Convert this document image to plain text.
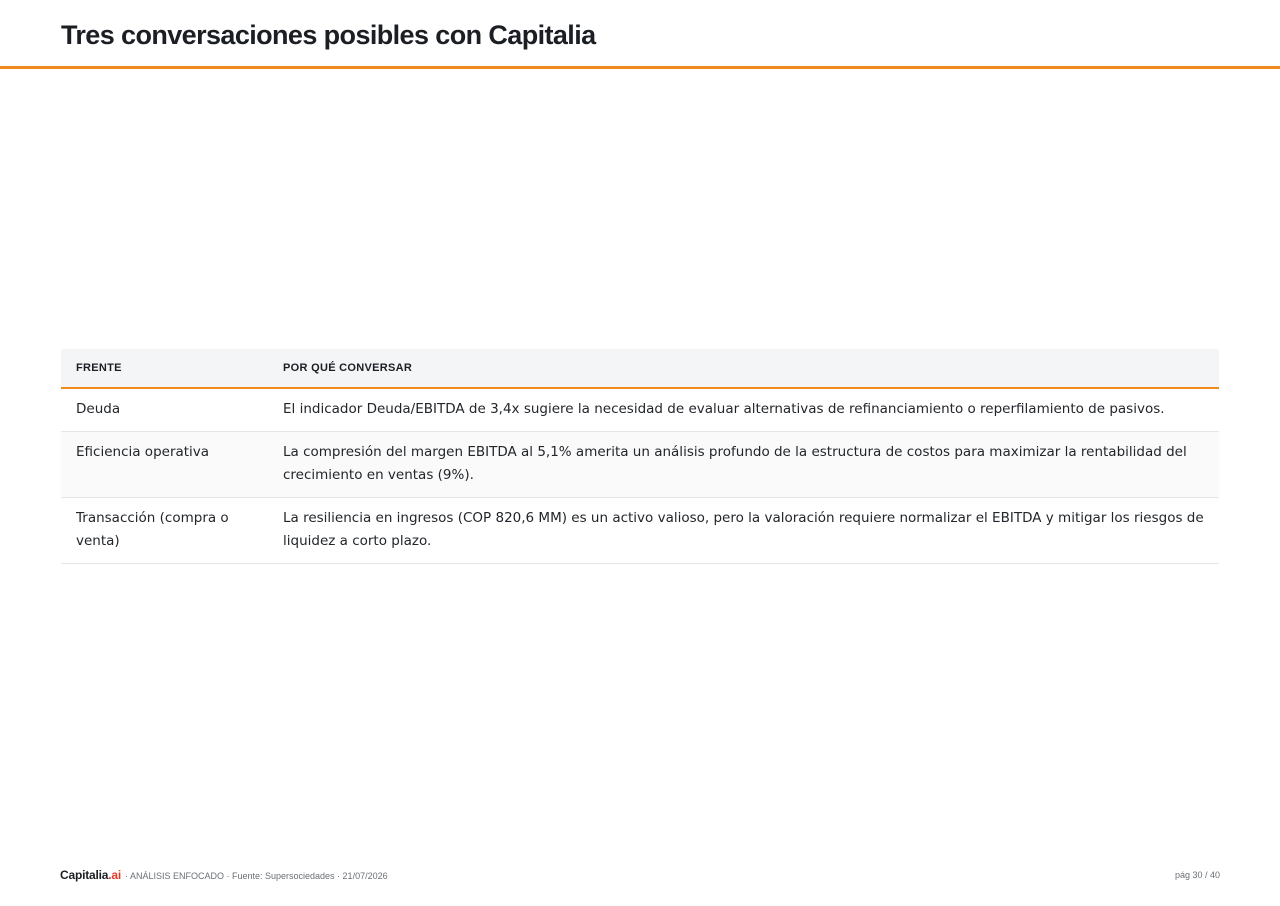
Tres conversaciones posibles con Capitalia
FRENTE	POR QUÉ CONVERSAR
Deuda	El indicador Deuda/EBITDA de 3,4x sugiere la necesidad de evaluar alternativas de refinanciamiento o reperfilamiento de pasivos.
Eficiencia operativa	La compresión del margen EBITDA al 5,1% amerita un análisis profundo de la estructura de costos para maximizar la rentabilidad del crecimiento en ventas (9%).
Transacción (compra o venta)	La resiliencia en ingresos (COP 820,6 MM) es un activo valioso, pero la valoración requiere normalizar el EBITDA y mitigar los riesgos de liquidez a corto plazo.
Capitalia.ai · ANÁLISIS ENFOCADO · Fuente: Supersociedades · 21/07/2026	pág 30 / 40
